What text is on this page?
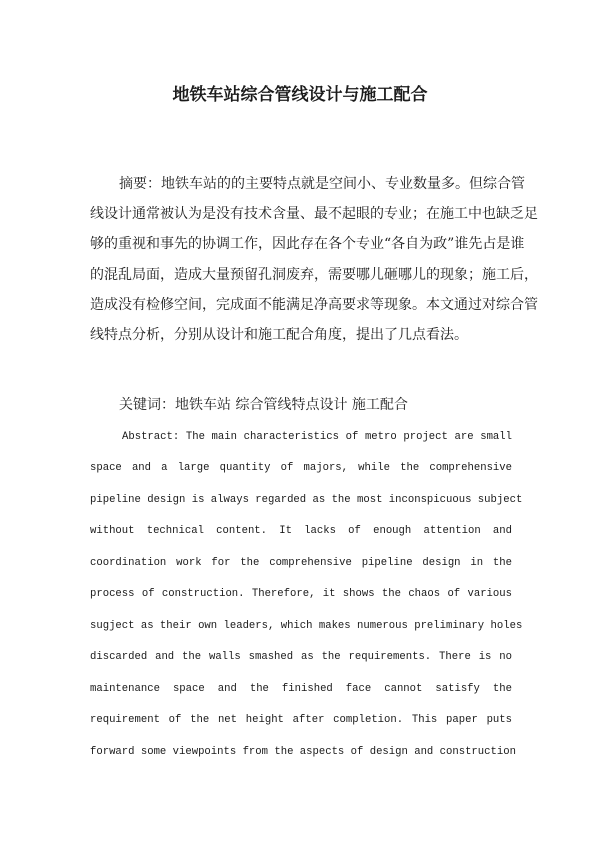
地铁车站综合管线设计与施工配合
摘要：地铁车站的的主要特点就是空间小、专业数量多。但综合管
线设计通常被认为是没有技术含量、最不起眼的专业；在施工中也缺乏足
够的重视和事先的协调工作，因此存在各个专业“各自为政”谁先占是谁
的混乱局面，造成大量预留孔洞废弃，需要哪儿砸哪儿的现象；施工后，
造成没有检修空间，完成面不能满足净高要求等现象。本文通过对综合管
线特点分析，分别从设计和施工配合角度，提出了几点看法。
关键词：地铁车站 综合管线特点设计 施工配合
Abstract: The main characteristics of metro project are small
space and a large quantity of majors, while the comprehensive
pipeline design is always regarded as the most inconspicuous subject
without technical content. It lacks of enough attention and
coordination work for the comprehensive pipeline design in the
process of construction. Therefore, it shows the chaos of various
sugject as their own leaders, which makes numerous preliminary holes
discarded and the walls smashed as the requirements. There is no
maintenance space and the finished face cannot satisfy the
requirement of the net height after completion. This paper puts
forward some viewpoints from the aspects of design and construction
